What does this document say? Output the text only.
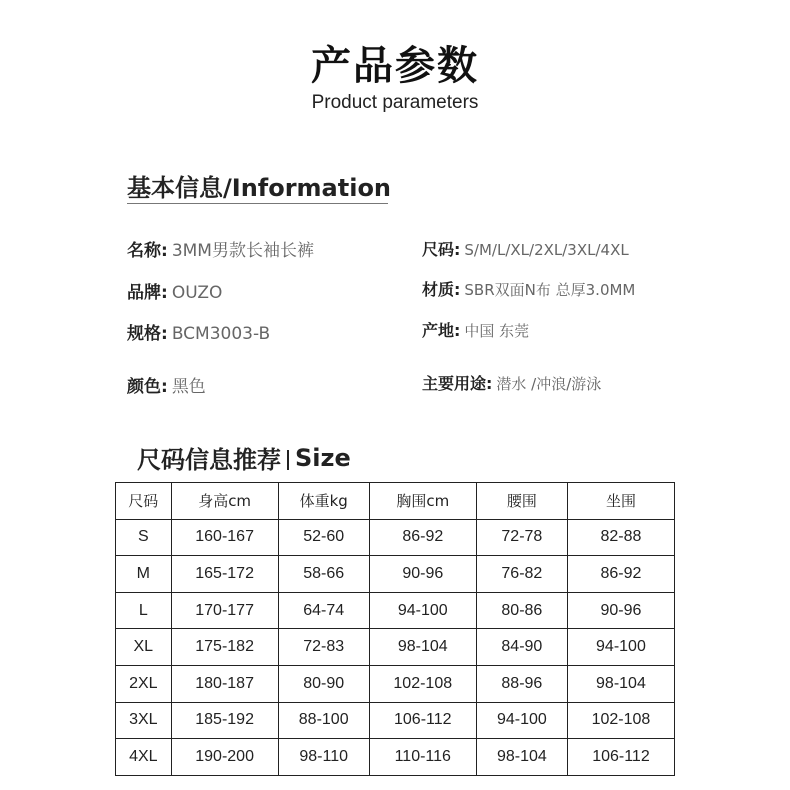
产品参数
Product parameters
基本信息/Information
名称: 3MM男款长袖长裤	尺码: S/M/L/XL/2XL/3XL/4XL
品牌: OUZO	材质: SBR双面N布 总厚3.0MM
规格: BCM3003-B	产地: 中国 东莞
颜色: 黑色	主要用途: 潜水 /冲浪/游泳
尺码信息推荐 Size
尺码	身高cm	体重kg	胸围cm	腰围	坐围
S	160-167	52-60	86-92	72-78	82-88
M	165-172	58-66	90-96	76-82	86-92
L	170-177	64-74	94-100	80-86	90-96
XL	175-182	72-83	98-104	84-90	94-100
2XL	180-187	80-90	102-108	88-96	98-104
3XL	185-192	88-100	106-112	94-100	102-108
4XL	190-200	98-110	110-116	98-104	106-112
